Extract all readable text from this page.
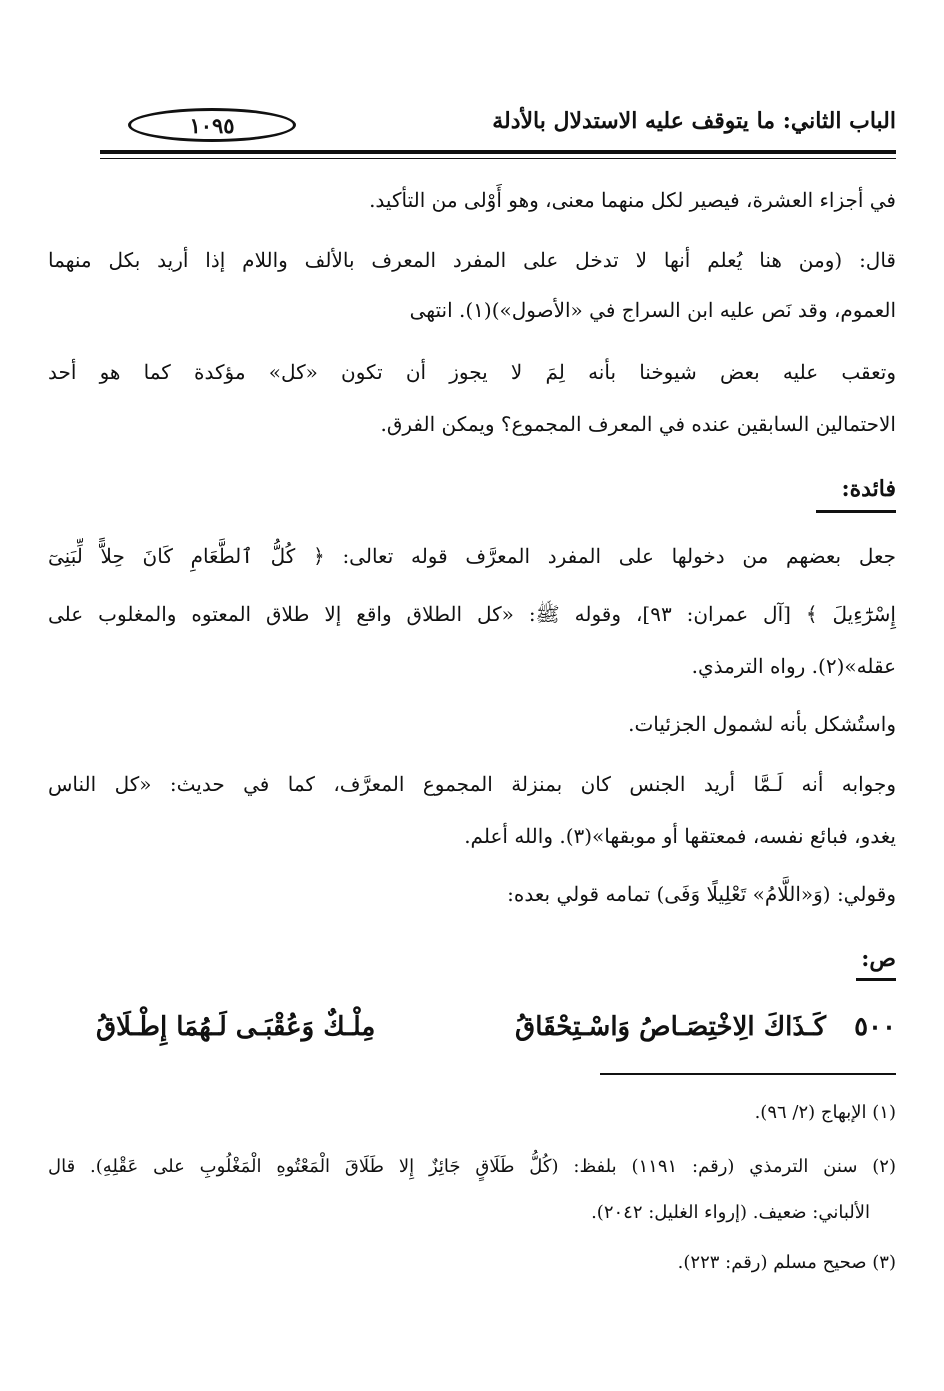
الباب الثاني: ما يتوقف عليه الاستدلال بالأدلة
١٠٩٥
في أجزاء العشرة، فيصير لكل منهما معنى، وهو أَوْلى من التأكيد.
قال: (ومن هنا يُعلم أنها لا تدخل على المفرد المعرف بالألف واللام إذا أريد بكل منهما
العموم، وقد نَص عليه ابن السراج في «الأصول»)(١). انتهى
وتعقب عليه بعض شيوخنا بأنه لِمَ لا يجوز أن تكون «كل» مؤكدة كما هو أحد
الاحتمالين السابقين عنده في المعرف المجموع؟ ويمكن الفرق.
فائدة:
جعل بعضهم من دخولها على المفرد المعرَّف قوله تعالى: ﴿ كُلُّ ٱلطَّعَامِ كَانَ حِلاًّ لِّبَنِىٓ
إِسْرَٰٓءِيلَ ﴾ [آل عمران: ٩٣]، وقوله ﷺ: «كل الطلاق واقع إلا طلاق المعتوه والمغلوب على
عقله»(٢). رواه الترمذي.
واستُشكل بأنه لشمول الجزئيات.
وجوابه أنه لَـمَّا أريد الجنس كان بمنزلة المجموع المعرَّف، كما في حديث: «كل الناس
يغدو، فبائع نفسه، فمعتقها أو موبقها»(٣). والله أعلم.
وقولي: (وَ«اللَّامُ» تَعْلِيلًا وَفَى) تمامه قولي بعده:
ص:
٥٠٠
كَـذَاكَ الِاخْتِصَـاصُ وَاسْـتِحْقَاقُ
مِلْـكٌ وَعُقْبَـى لَـهُمَا إِطْـلَاقُ
(١) الإبهاج (٢/ ٩٦).
(٢) سنن الترمذي (رقم: ١١٩١) بلفظ: (كُلُّ طَلَاقٍ جَائِزٌ إِلا طَلَاقَ الْمَعْتُوهِ الْمَغْلُوبِ على عَقْلِهِ). قال
الألباني: ضعيف. (إرواء الغليل: ٢٠٤٢).
(٣) صحيح مسلم (رقم: ٢٢٣).
